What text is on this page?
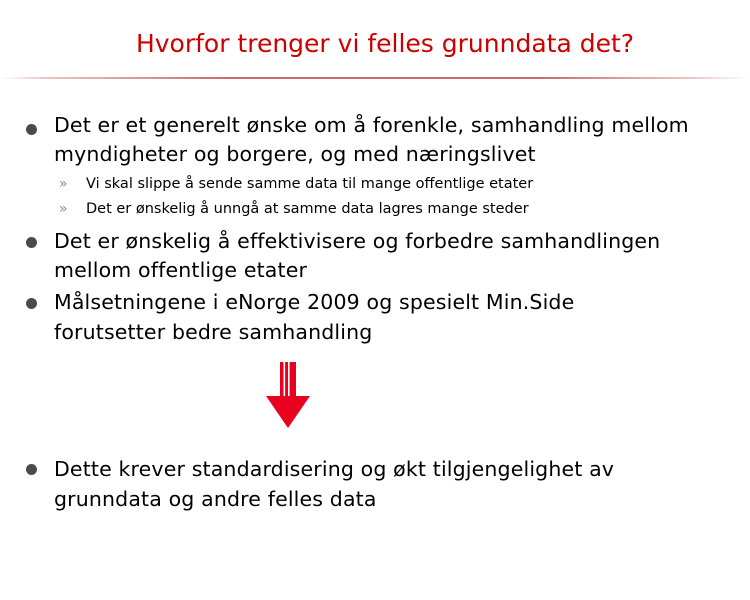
Hvorfor trenger vi felles grunndata det?
Det er et generelt ønske om å forenkle, samhandling mellom
myndigheter og borgere, og med næringslivet
» Vi skal slippe å sende samme data til mange offentlige etater
» Det er ønskelig å unngå at samme data lagres mange steder
Det er ønskelig å effektivisere og forbedre samhandlingen
mellom offentlige etater
Målsetningene i eNorge 2009 og spesielt Min.Side
forutsetter bedre samhandling
Dette krever standardisering og økt tilgjengelighet av
grunndata og andre felles data
